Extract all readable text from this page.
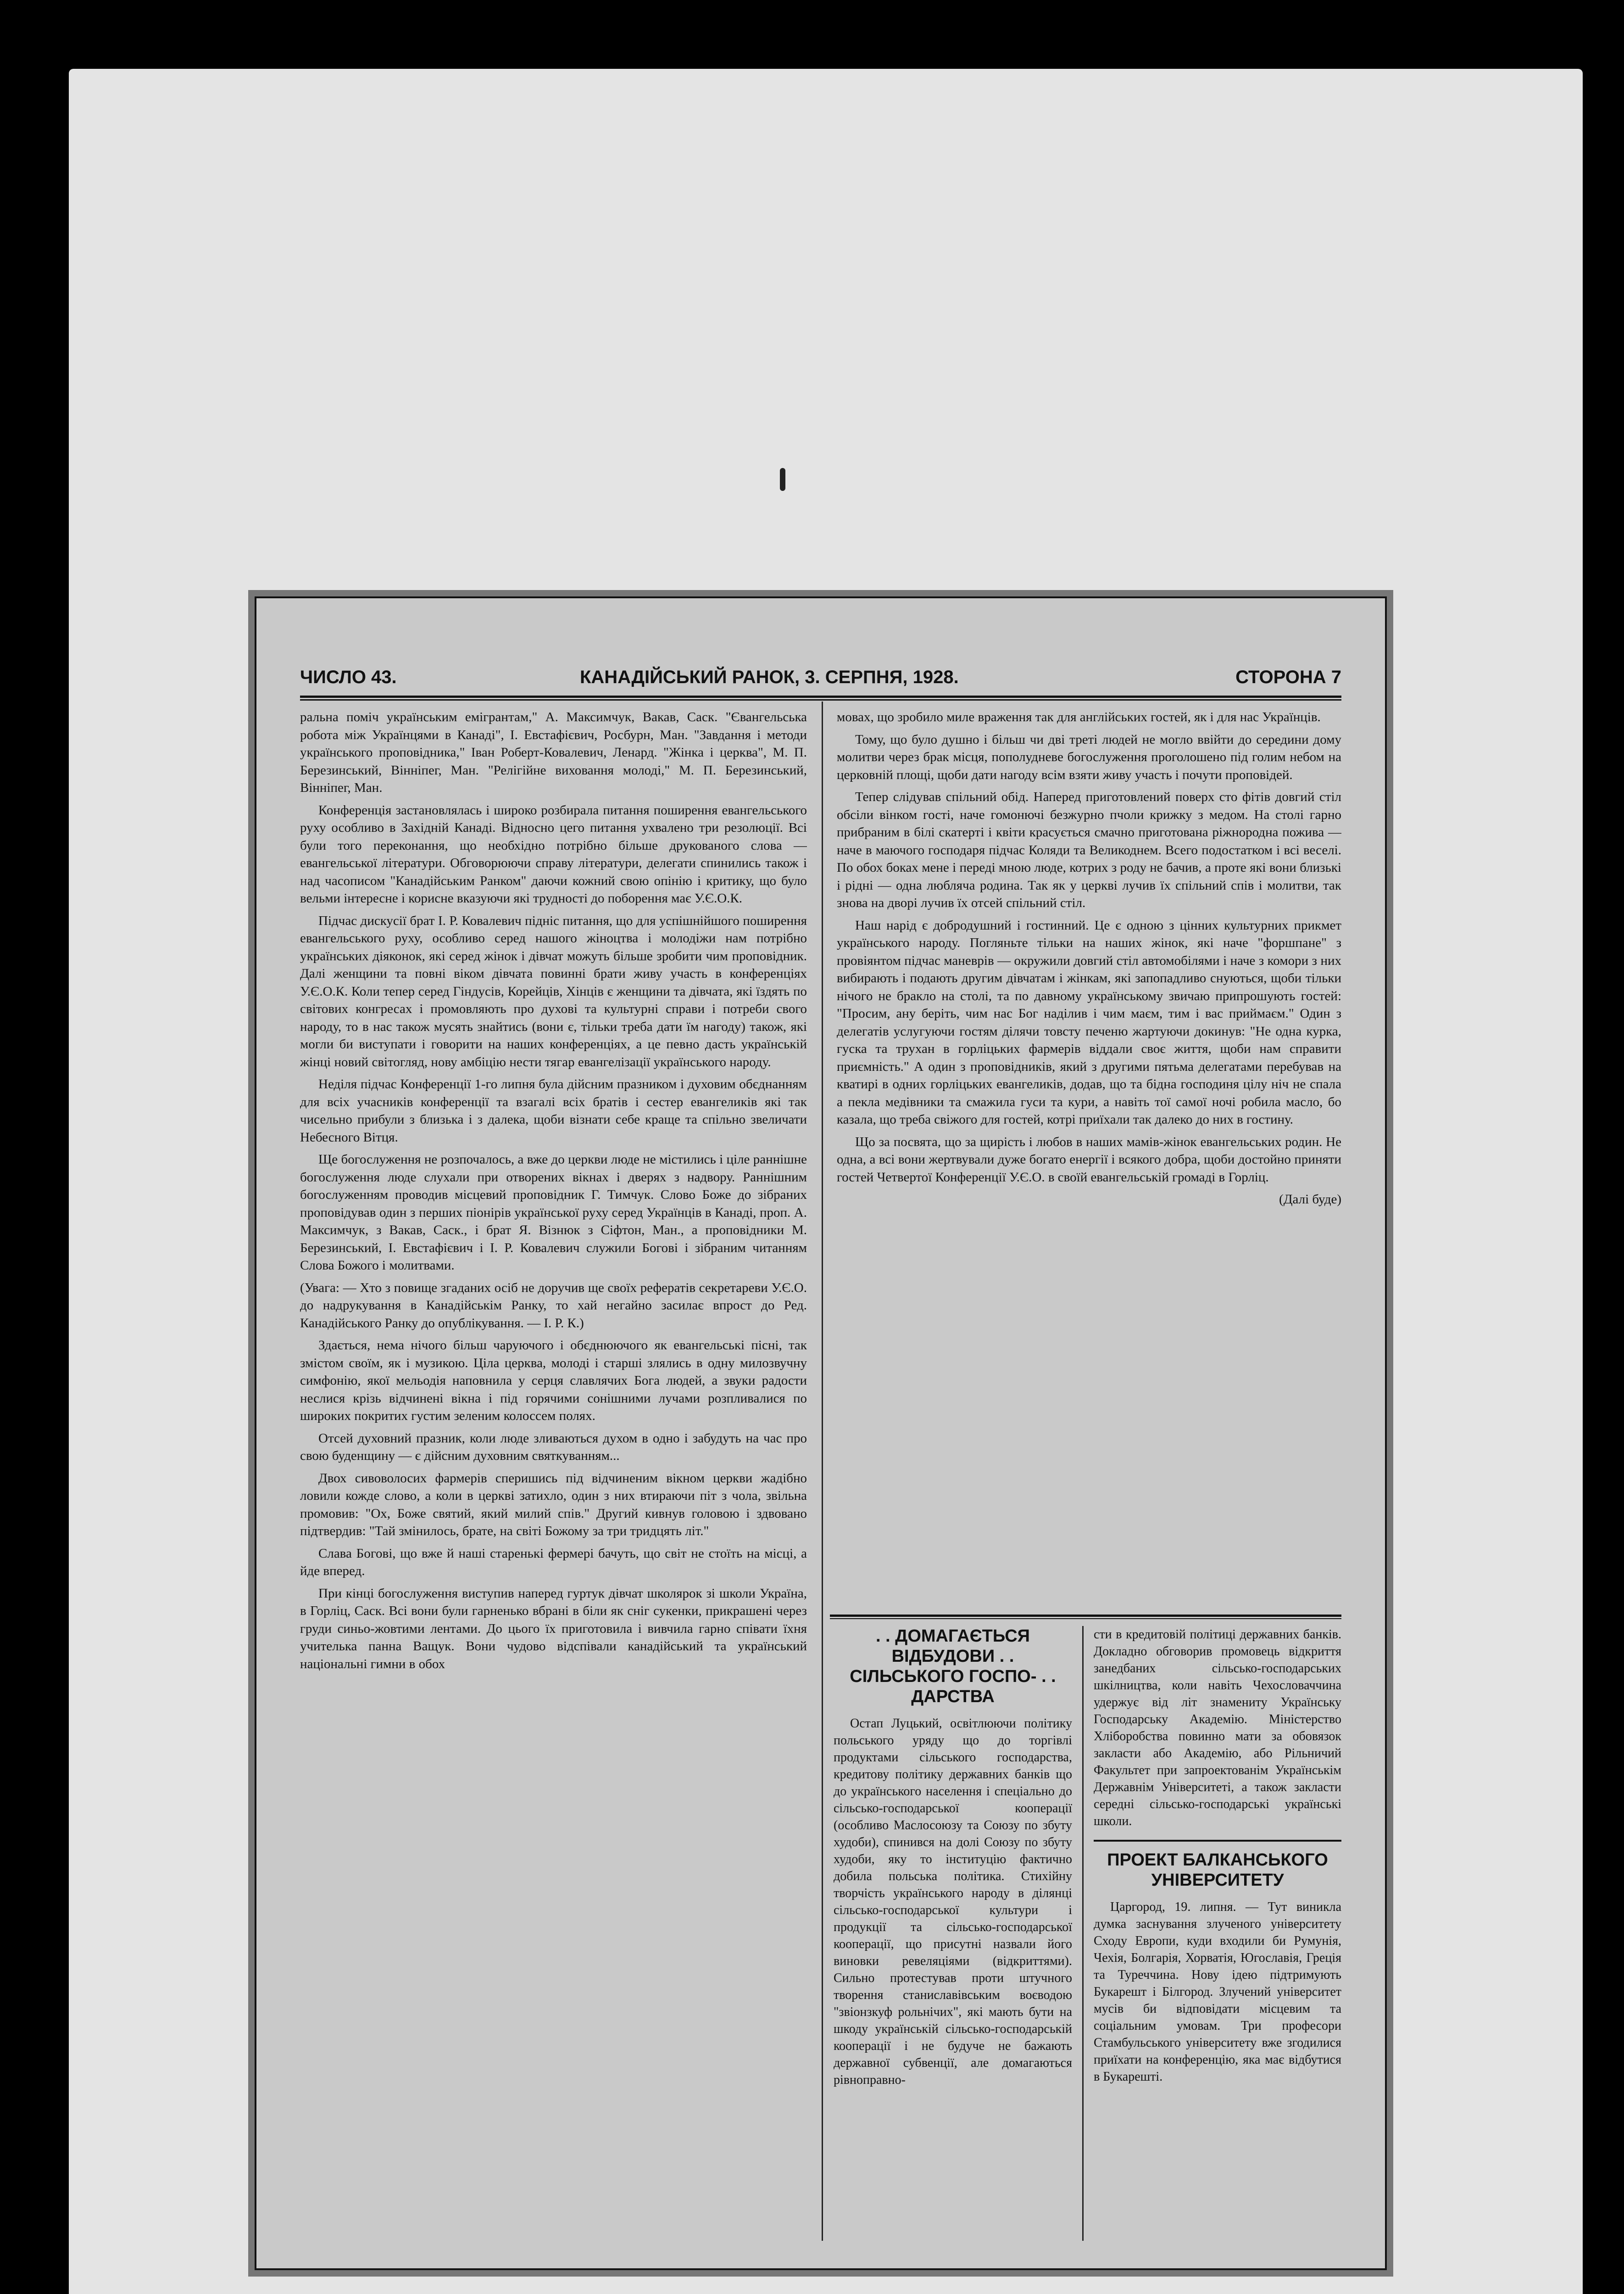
ЧИСЛО 43.	КАНАДІЙСЬКИЙ РАНОК, 3. СЕРПНЯ, 1928.	СТОРОНА 7

ральна поміч українським емігрантам," А. Максимчук, Вакав, Саск. "Євангельська робота між Українцями в Канаді", І. Евстафієвич, Росбурн, Ман. "Завдання і методи українського проповідника," Іван Роберт-Ковалевич, Ленард. "Жінка і церква", М. П. Березинський, Вінніпег, Ман. "Релігійне виховання молоді," М. П. Березинський, Вінніпег, Ман.

Конференція застановлялась і широко розбирала питання поширення евангельського руху особливо в Західній Канаді. Відносно цего питання ухвалено три резолюції. Всі були того переконання, що необхідно потрібно більше друкованого слова — евангельської літератури. Обговорюючи справу літератури, делегати спинились також і над часописом "Канадійським Ранком" даючи кожний свою опінію і критику, що було вельми інтересне і корисне вказуючи які трудності до поборення має У.Є.О.К.

Підчас дискусії брат І. Р. Ковалевич підніс питання, що для успішнійшого поширення евангельського руху, особливо серед нашого жіноцтва і молодіжи нам потрібно українських діяконок, які серед жінок і дівчат можуть більше зробити чим проповідник. Далі женщини та повні віком дівчата повинні брати живу участь в конференціях У.Є.О.К. Коли тепер серед Гіндусів, Корейців, Хінців є женщини та дівчата, які їздять по світових конгресах і промовляють про духові та культурні справи і потреби свого народу, то в нас також мусять знайтись (вони є, тільки треба дати їм нагоду) також, які могли би виступати і говорити на наших конференціях, а це певно дасть українській жінці новий світогляд, нову амбіцію нести тягар евангелізації українського народу.

Неділя підчас Конференції 1-го липня була дійсним празником і духовим обєднанням для всіх учасників конференції та взагалі всіх братів і сестер евангеликів які так чисельно прибули з близька і з далека, щоби візнати себе краще та спільно звеличати Небесного Вітця.

Ще богослуження не розпочалось, а вже до церкви люде не містились і ціле раннішне богослуження люде слухали при отворених вікнах і дверях з надвору. Раннішним богослуженням проводив місцевий проповідник Г. Тимчук. Слово Боже до зібраних проповідував один з перших піонірів української руху серед Українців в Канаді, проп. А. Максимчук, з Вакав, Саск., і брат Я. Візнюк з Сіфтон, Ман., а проповідники М. Березинський, І. Евстафієвич і І. Р. Ковалевич служили Богові і зібраним читанням Слова Божого і молитвами.

(Увага: — Хто з повище згаданих осіб не доручив ще своїх рефератів секретареви У.Є.О. до надрукування в Канадійськім Ранку, то хай негайно засилає впрост до Ред. Канадійського Ранку до опублікування. — І. Р. К.)

Здається, нема нічого більш чаруючого і обєднюючого як евангельські пісні, так змістом своїм, як і музикою. Ціла церква, молоді і старші злялись в одну милозвучну симфонію, якої мельодія наповнила у серця славлячих Бога людей, а звуки радости неслися крізь відчинені вікна і під горячими сонішними лучами розпливалися по широких покритих густим зеленим колоссем полях.

Отсей духовний празник, коли люде зливаються духом в одно і забудуть на час про свою буденщину — є дійсним духовним святкуванням...

Двох сивоволосих фармерів сперишись під відчиненим вікном церкви жадібно ловили кожде слово, а коли в церкві затихло, один з них втираючи піт з чола, звільна промовив: "Ох, Боже святий, який милий спів." Другий кивнув головою і здвовано підтвердив: "Тай змінилось, брате, на світі Божому за три тридцять літ."

Слава Богові, що вже й наші старенькі фермері бачуть, що світ не стоїть на місці, а йде вперед.

При кінці богослуження виступив наперед гуртук дівчат школярок зі школи Україна, в Горліц, Саск. Всі вони були гарненько вбрані в біли як сніг сукенки, прикрашені через груди синьо-жовтими лентами. До цього їх приготовила і вивчила гарно співати їхня учителька панна Ващук. Вони чудово відспівали канадійський та український національні гимни в обох

мовах, що зробило миле враження так для англійських гостей, як і для нас Українців.

Тому, що було душно і більш чи дві треті людей не могло ввійти до середини дому молитви через брак місця, пополудневе богослуження проголошено під голим небом на церковній площі, щоби дати нагоду всім взяти живу участь і почути проповідей.

Тепер слідував спільний обід. Наперед приготовлений поверх сто фітів довгий стіл обсіли вінком гості, наче гомонючі безжурно пчоли крижку з медом. На столі гарно прибраним в білі скатерті і квіти красується смачно приготована ріжнородна пожива — наче в маючого господаря підчас Коляди та Великоднем. Всего подостатком і всі веселі. По обох боках мене і переді мною люде, котрих з роду не бачив, а проте які вони близькі і рідні — одна люблячa родина. Так як у церкві лучив їх спільний спів і молитви, так знова на дворі лучив їх отсей спільний стіл.

Наш нарід є добродушний і гостинний. Це є одною з цінних культурних прикмет українського народу. Погляньте тільки на наших жінок, які наче "форшпане" з провіянтом підчас маневрів — окружили довгий стіл автомобілями і наче з комори з них вибирають і подають другим дівчатам і жінкам, які запопадливо снуються, щоби тільки нічого не бракло на столі, та по давному українському звичаю припрошують гостей: "Просим, ану беріть, чим нас Бог наділив і чим маєм, тим і вас приймаєм." Один з делегатів услугуючи гостям ділячи товсту печеню жартуючи докинув: "Не одна курка, гуска та трухан в горліцьких фармерів віддали своє життя, щоби нам справити приємність." А один з проповідників, який з другими пятьма делегатами перебував на кватирі в одних горліцьких евангеликів, додав, що та бідна господиня цілу ніч не спала а пекла медівники та смажила гуси та кури, а навіть тої самої ночі робила масло, бо казала, що треба свіжого для гостей, котрі приїхали так далеко до них в гостину.

Що за посвята, що за щирість і любов в наших мамів-жінок евангельських родин. Не одна, а всі вони жертвували дуже богато енергії і всякого добра, щоби достойно приняти гостей Четвертої Конференції У.Є.О. в своїй евангельській громаді в Горліц.

(Далі буде)

. . ДОМАГАЄТЬСЯ ВІДБУДОВИ . . СІЛЬСЬКОГО ГОСПО- . . ДАРСТВА

Остап Луцький, освітлюючи політику польського уряду що до торгівлі продуктами сільського господарства, кредитову політику державних банків що до українського населення і спеціально до сільсько-господарської кооперації (особливо Маслосоюзу та Союзу по збуту худоби), спинився на долі Союзу по збуту худоби, яку то інституцію фактично добила польська політика. Стихійну творчість українського народу в ділянці сільсько-господарської культури і продукції та сільсько-господарської кооперації, що присутні назвали його виновки ревеляціями (відкриттями). Сильно протестував проти штучного творення станиславівським воєводою "звіонзкуф рольнічих", які мають бути на шкоду українській сільсько-господарській кооперації і не будуче не бажають державної субвенції, але домагаються рівноправно-

сти в кредитовій політиці державних банків. Докладно обговорив промовець відкриття занедбаних сільсько-господарських шкілництва, коли навіть Чехословаччина удержує від літ знамениту Українську Господарську Академію. Міністерство Хліборобства повинно мати за обовязок закласти або Академію, або Рільничий Факультет при запроектованім Українськім Державнім Університеті, а також закласти середні сільсько-господарські українські школи.

ПРОЕКТ БАЛКАНСЬКОГО УНІВЕРСИТЕТУ

Царгород, 19. липня. — Тут виникла думка заснування злученого університету Сходу Европи, куди входили би Румунія, Чехія, Болгарія, Хорватія, Югославія, Греція та Туреччина. Нову ідею підтримують Букарешт і Білгород. Злучений університет мусів би відповідати місцевим та соціальним умовам. Три професори Стамбульського університету вже згодилися приїхати на конференцію, яка має відбутися в Букарешті.
